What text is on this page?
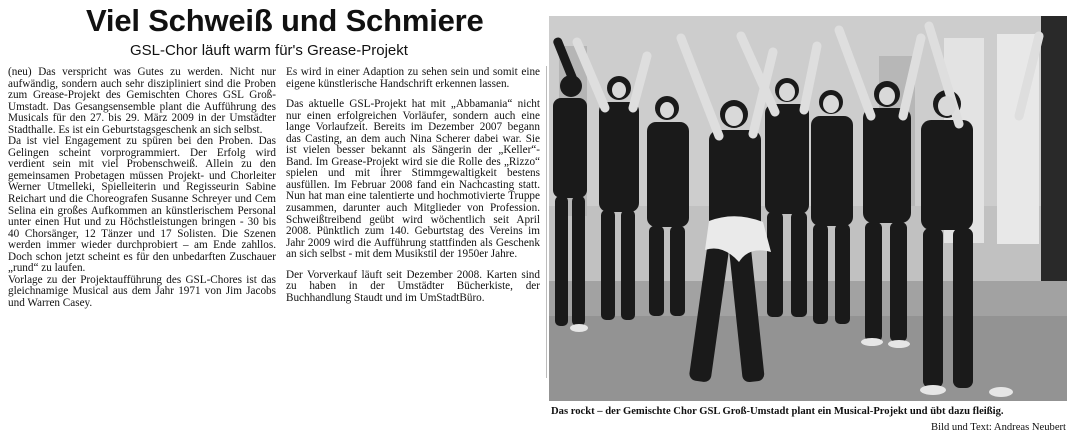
Viel Schweiß und Schmiere
GSL-Chor läuft warm für's Grease-Projekt

(neu) Das verspricht was Gutes zu werden. Nicht nur aufwändig, sondern auch sehr diszipliniert sind die Proben zum Grease-Projekt des Gemischten Chores GSL Groß-Umstadt. Das Gesangsensemble plant die Aufführung des Musicals für den 27. bis 29. März 2009 in der Umstädter Stadthalle. Es ist ein Geburtstagsgeschenk an sich selbst.

Da ist viel Engagement zu spüren bei den Proben. Das Gelingen scheint vorprogrammiert. Der Erfolg wird verdient sein mit viel Probenschweiß. Allein zu den gemeinsamen Probetagen müssen Projekt- und Chorleiter Werner Utmelleki, Spielleiterin und Regisseurin Sabine Reichart und die Choreografen Susanne Schreyer und Cem Selina ein großes Aufkommen an künstlerischem Personal unter einen Hut und zu Höchstleistungen bringen - 30 bis 40 Chorsänger, 12 Tänzer und 17 Solisten. Die Szenen werden immer wieder durchprobiert – am Ende zahllos. Doch schon jetzt scheint es für den unbedarften Zuschauer „rund“ zu laufen.

Vorlage zu der Projektaufführung des GSL-Chores ist das gleichnamige Musical aus dem Jahr 1971 von Jim Jacobs und Warren Casey.

Es wird in einer Adaption zu sehen sein und somit eine eigene künstlerische Handschrift erkennen lassen.

Das aktuelle GSL-Projekt hat mit „Abbamania“ nicht nur einen erfolgreichen Vorläufer, sondern auch eine lange Vorlaufzeit. Bereits im Dezember 2007 begann das Casting, an dem auch Nina Scherer dabei war. Sie ist vielen besser bekannt als Sängerin der „Keller“-Band. Im Grease-Projekt wird sie die Rolle des „Rizzo“ spielen und mit ihrer Stimmgewaltigkeit bestens ausfüllen. Im Februar 2008 fand ein Nachcasting statt. Nun hat man eine talentierte und hochmotivierte Truppe zusammen, darunter auch Mitglieder von Profession. Schweißtreibend geübt wird wöchentlich seit April 2008. Pünktlich zum 140. Geburtstag des Vereins im Jahr 2009 wird die Aufführung stattfinden als Geschenk an sich selbst - mit dem Musikstil der 1950er Jahre.

Der Vorverkauf läuft seit Dezember 2008. Karten sind zu haben in der Umstädter Bücherkiste, der Buchhandlung Staudt und im UmStadtBüro.

Das rockt – der Gemischte Chor GSL Groß-Umstadt plant ein Musical-Projekt und übt dazu fleißig.

Bild und Text: Andreas Neubert
